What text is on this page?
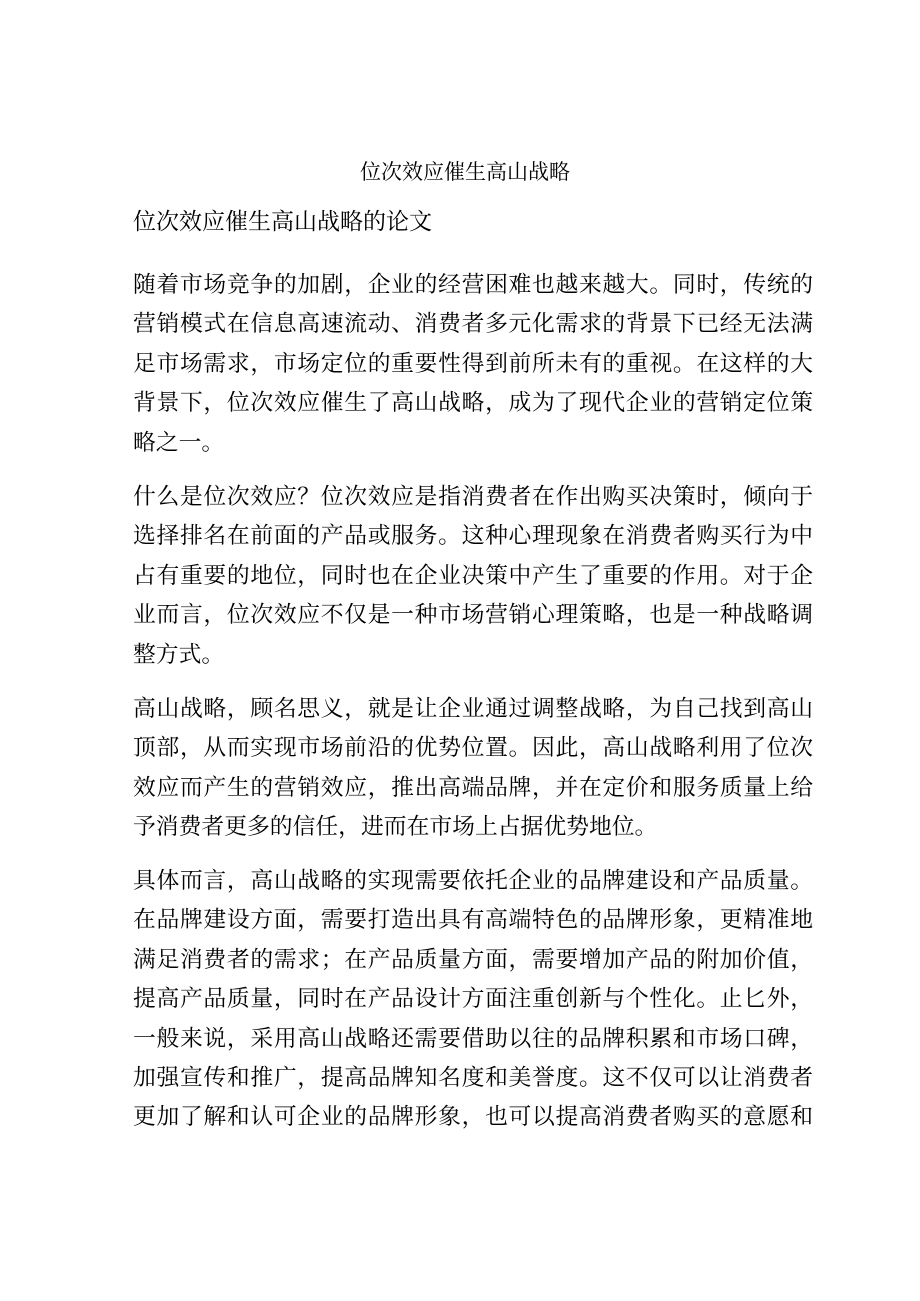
位次效应催生高山战略
位次效应催生高山战略的论文
随着市场竞争的加剧，企业的经营困难也越来越大。同时，传统的
营销模式在信息高速流动、消费者多元化需求的背景下已经无法满
足市场需求，市场定位的重要性得到前所未有的重视。在这样的大
背景下，位次效应催生了高山战略，成为了现代企业的营销定位策
略之一。
什么是位次效应？位次效应是指消费者在作出购买决策时，倾向于
选择排名在前面的产品或服务。这种心理现象在消费者购买行为中
占有重要的地位，同时也在企业决策中产生了重要的作用。对于企
业而言，位次效应不仅是一种市场营销心理策略，也是一种战略调
整方式。
高山战略，顾名思义，就是让企业通过调整战略，为自己找到高山
顶部，从而实现市场前沿的优势位置。因此，高山战略利用了位次
效应而产生的营销效应，推出高端品牌，并在定价和服务质量上给
予消费者更多的信任，进而在市场上占据优势地位。
具体而言，高山战略的实现需要依托企业的品牌建设和产品质量。
在品牌建设方面，需要打造出具有高端特色的品牌形象，更精准地
满足消费者的需求；在产品质量方面，需要增加产品的附加价值，
提高产品质量，同时在产品设计方面注重创新与个性化。止匕外，
一般来说，采用高山战略还需要借助以往的品牌积累和市场口碑，
加强宣传和推广，提高品牌知名度和美誉度。这不仅可以让消费者
更加了解和认可企业的品牌形象，也可以提高消费者购买的意愿和
